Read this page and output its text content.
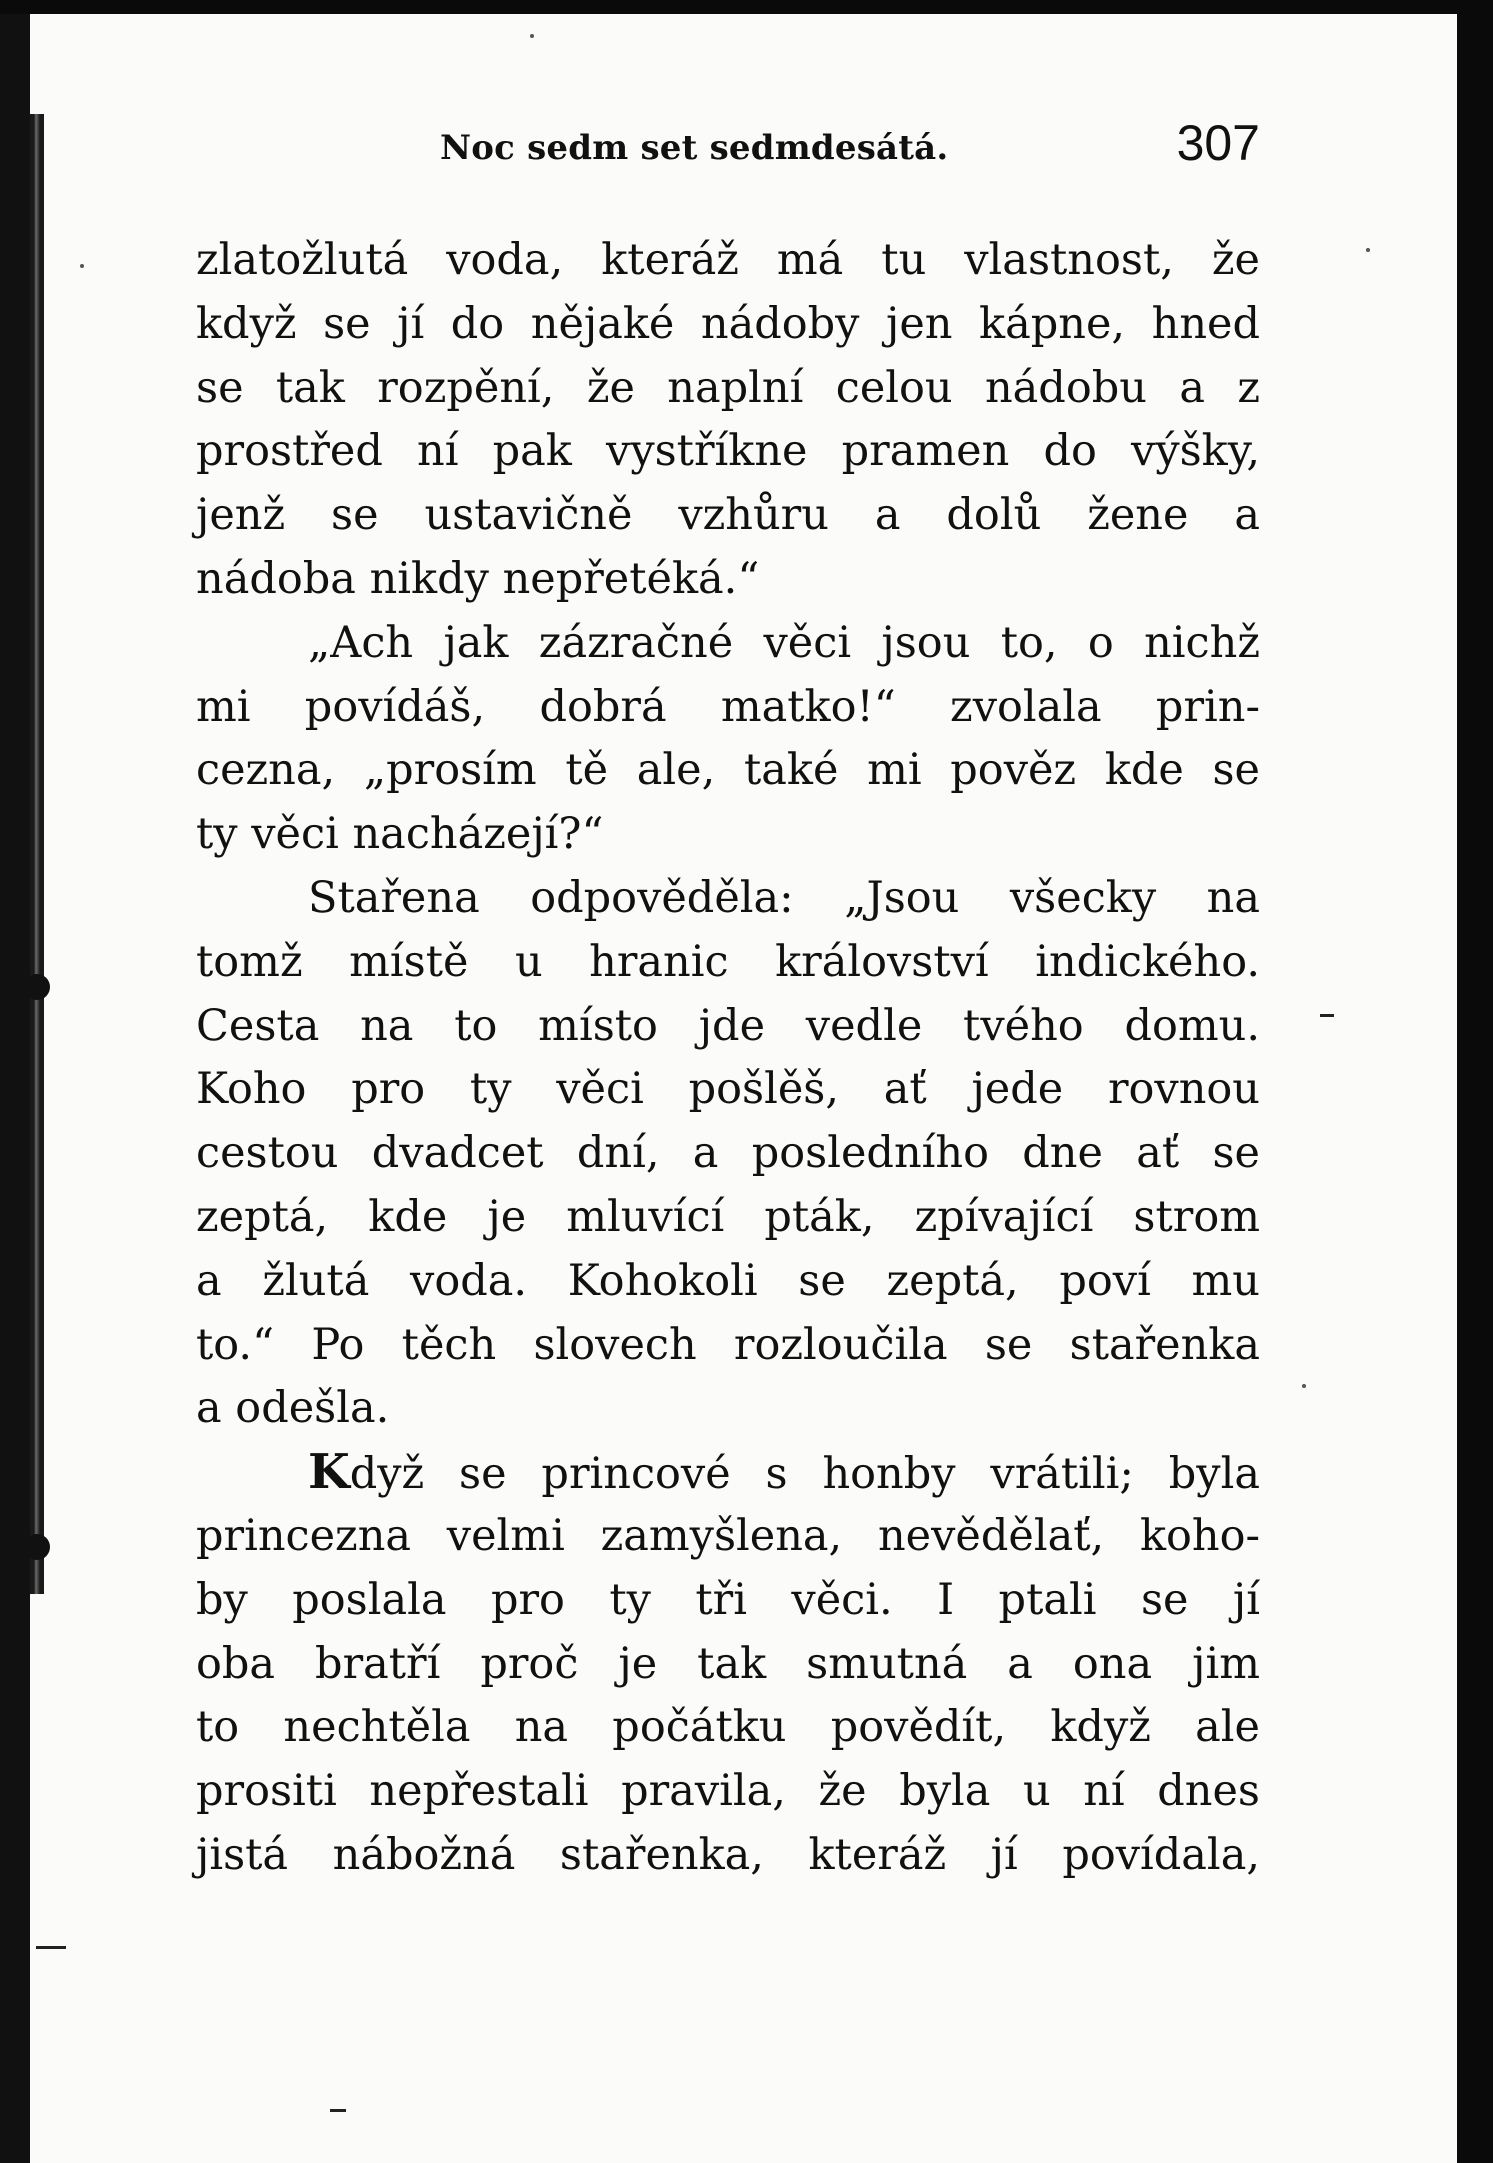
Noc sedm set sedmdesátá.	307
zlatožlutá voda, kteráž má tu vlastnost, že
když se jí do nějaké nádoby jen kápne, hned
se tak rozpění, že naplní celou nádobu a z
prostřed ní pak vystříkne pramen do výšky,
jenž se ustavičně vzhůru a dolů žene a
nádoba nikdy nepřetéká.“
„Ach jak zázračné věci jsou to, o nichž
mi povídáš, dobrá matko!“ zvolala prin-
cezna, „prosím tě ale, také mi pověz kde se
ty věci nacházejí?“
Stařena odpověděla: „Jsou všecky na
tomž místě u hranic království indického.
Cesta na to místo jde vedle tvého domu.
Koho pro ty věci pošlěš, ať jede rovnou
cestou dvadcet dní, a posledního dne ať se
zeptá, kde je mluvící pták, zpívající strom
a žlutá voda. Kohokoli se zeptá, poví mu
to.“ Po těch slovech rozloučila se stařenka
a odešla.
Když se princové s honby vrátili; byla
princezna velmi zamyšlena, nevědělať, koho-
by poslala pro ty tři věci. I ptali se jí
oba bratří proč je tak smutná a ona jim
to nechtěla na počátku povědít, když ale
prositi nepřestali pravila, že byla u ní dnes
jistá nábožná stařenka, kteráž jí povídala,
